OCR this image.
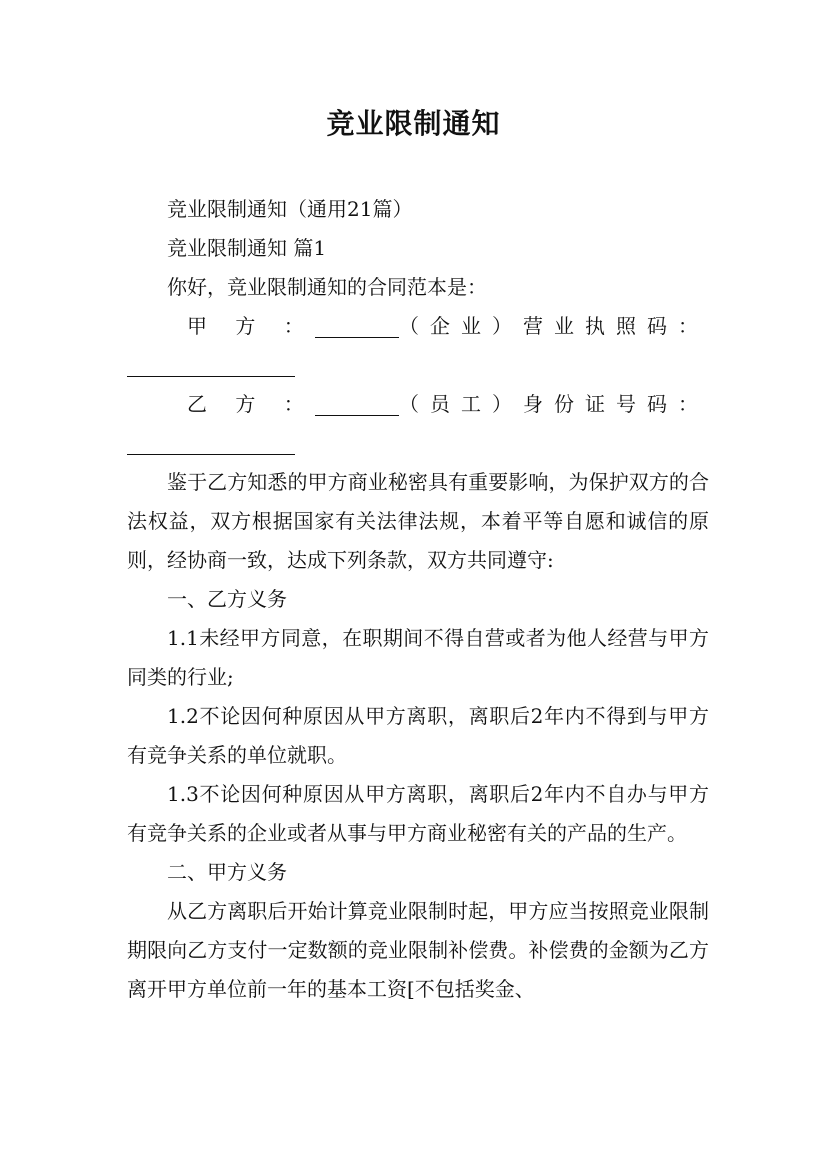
竞业限制通知

竞业限制通知（通用21篇）

竞业限制通知 篇1

你好，竞业限制通知的合同范本是：

甲 方 ：	（企业）营业执照码：
乙 方 ：	（员工）身份证号码：

鉴于乙方知悉的甲方商业秘密具有重要影响，为保护双方的合法权益，双方根据国家有关法律法规，本着平等自愿和诚信的原则，经协商一致，达成下列条款，双方共同遵守:

一、乙方义务

1.1未经甲方同意，在职期间不得自营或者为他人经营与甲方同类的行业;

1.2不论因何种原因从甲方离职，离职后2年内不得到与甲方有竞争关系的单位就职。

1.3不论因何种原因从甲方离职，离职后2年内不自办与甲方有竞争关系的企业或者从事与甲方商业秘密有关的产品的生产。

二、甲方义务

从乙方离职后开始计算竞业限制时起，甲方应当按照竞业限制期限向乙方支付一定数额的竞业限制补偿费。补偿费的金额为乙方离开甲方单位前一年的基本工资[不包括奖金、
